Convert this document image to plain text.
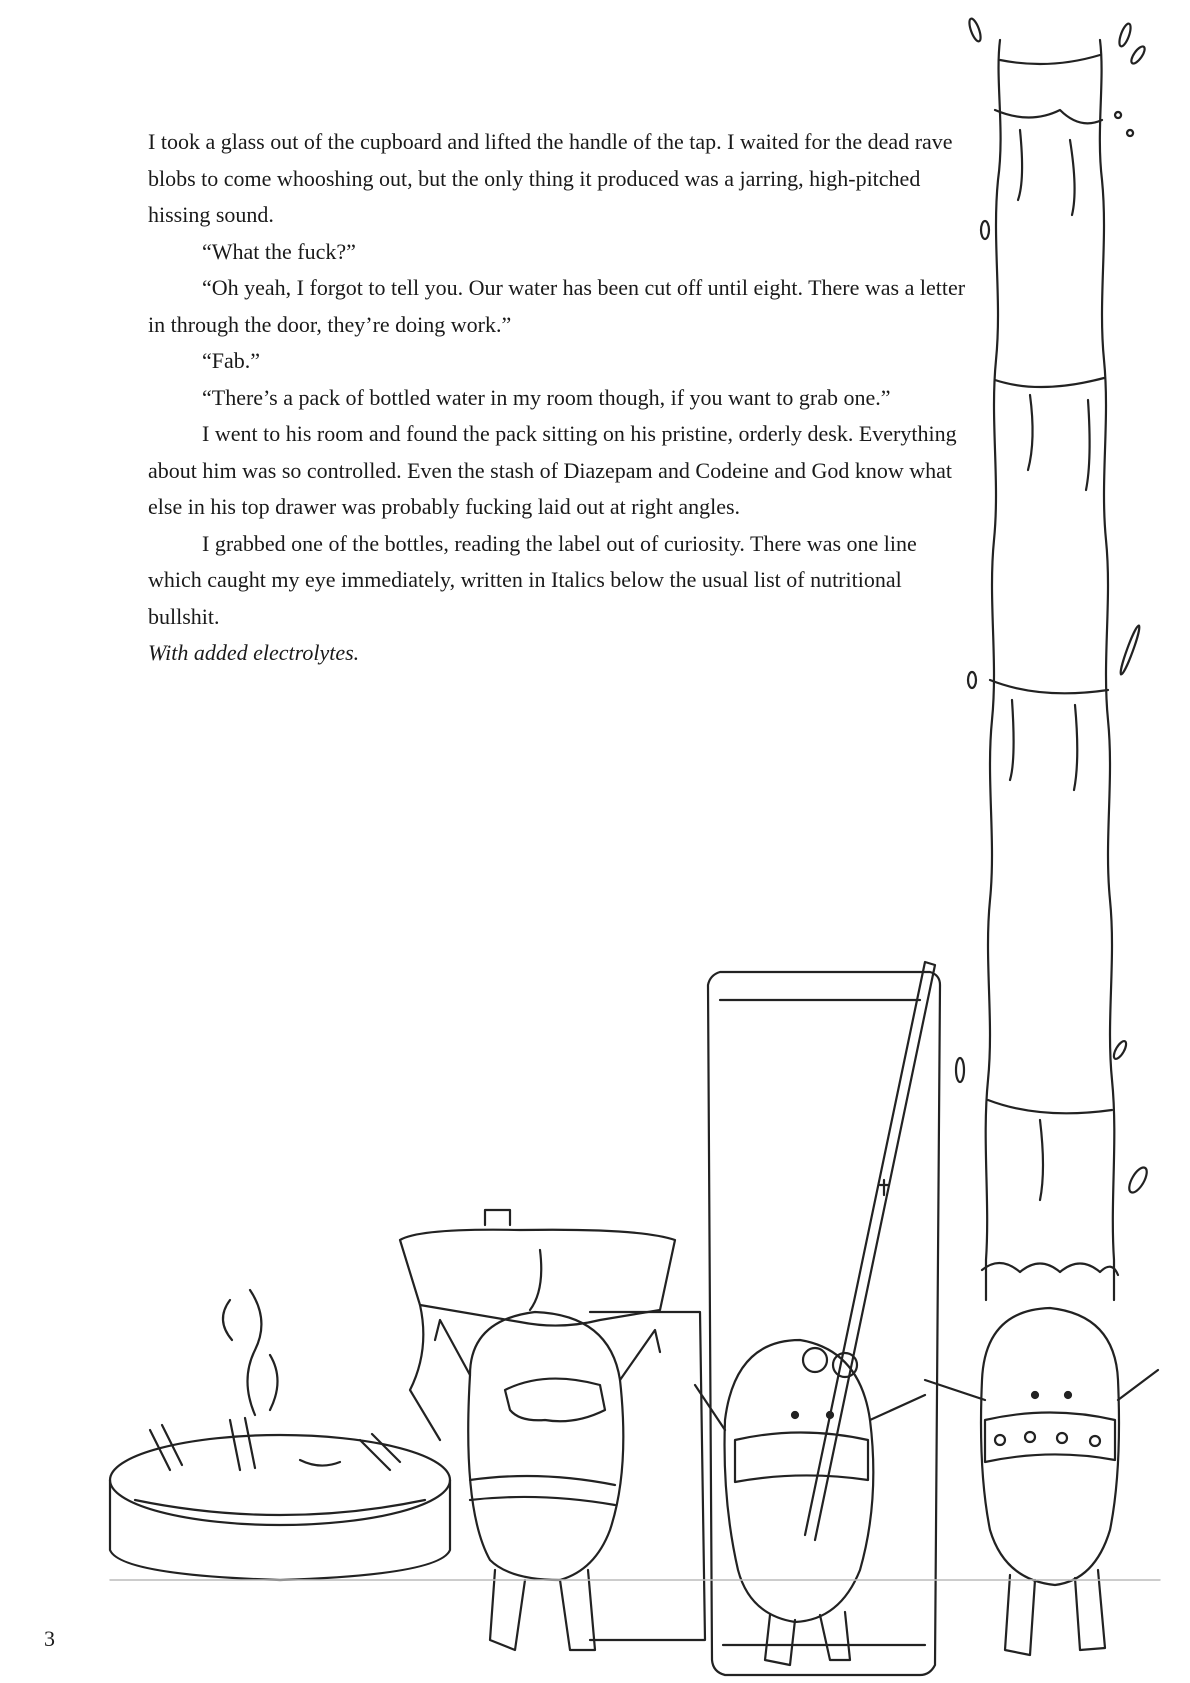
I took a glass out of the cupboard and lifted the handle of the tap. I waited for the dead rave blobs to come whooshing out, but the only thing it produced was a jarring, high-pitched hissing sound.

“What the fuck?”

“Oh yeah, I forgot to tell you. Our water has been cut off until eight. There was a letter in through the door, they’re doing work.”

“Fab.”

“There’s a pack of bottled water in my room though, if you want to grab one.”

I went to his room and found the pack sitting on his pristine, orderly desk. Everything about him was so controlled. Even the stash of Diazepam and Codeine and God know what else in his top drawer was probably fucking laid out at right angles.

I grabbed one of the bottles, reading the label out of curiosity. There was one line which caught my eye immediately, written in Italics below the usual list of nutritional bullshit.

With added electrolytes.

3
